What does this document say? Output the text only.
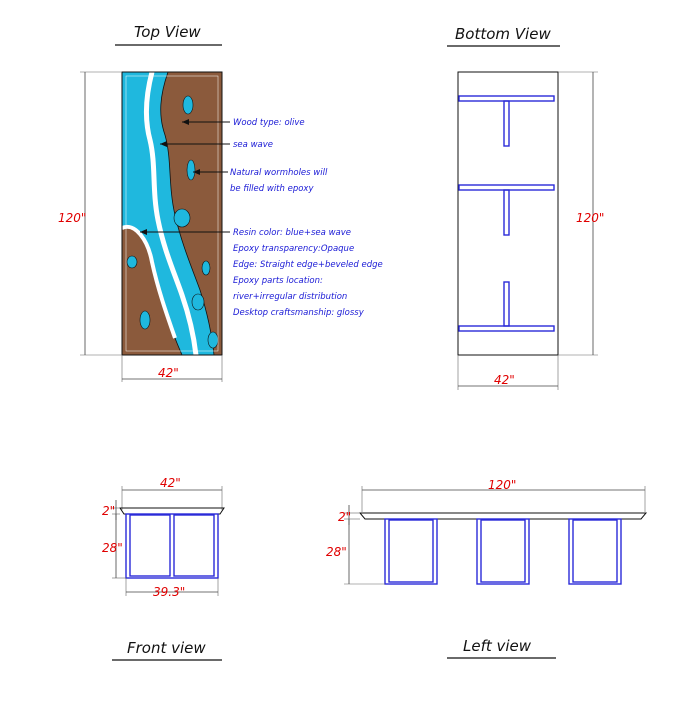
Top View
120"
42"
Wood type: olive
sea wave
Natural wormholes will
be filled with epoxy
Resin color: blue+sea wave
Epoxy transparency:Opaque
Edge: Straight edge+beveled edge
Epoxy parts location:
river+irregular distribution
Desktop craftsmanship: glossy
Bottom View
120"
42"
42"
2"
28"
39.3"
Front view
120"
2"
28"
Left view
